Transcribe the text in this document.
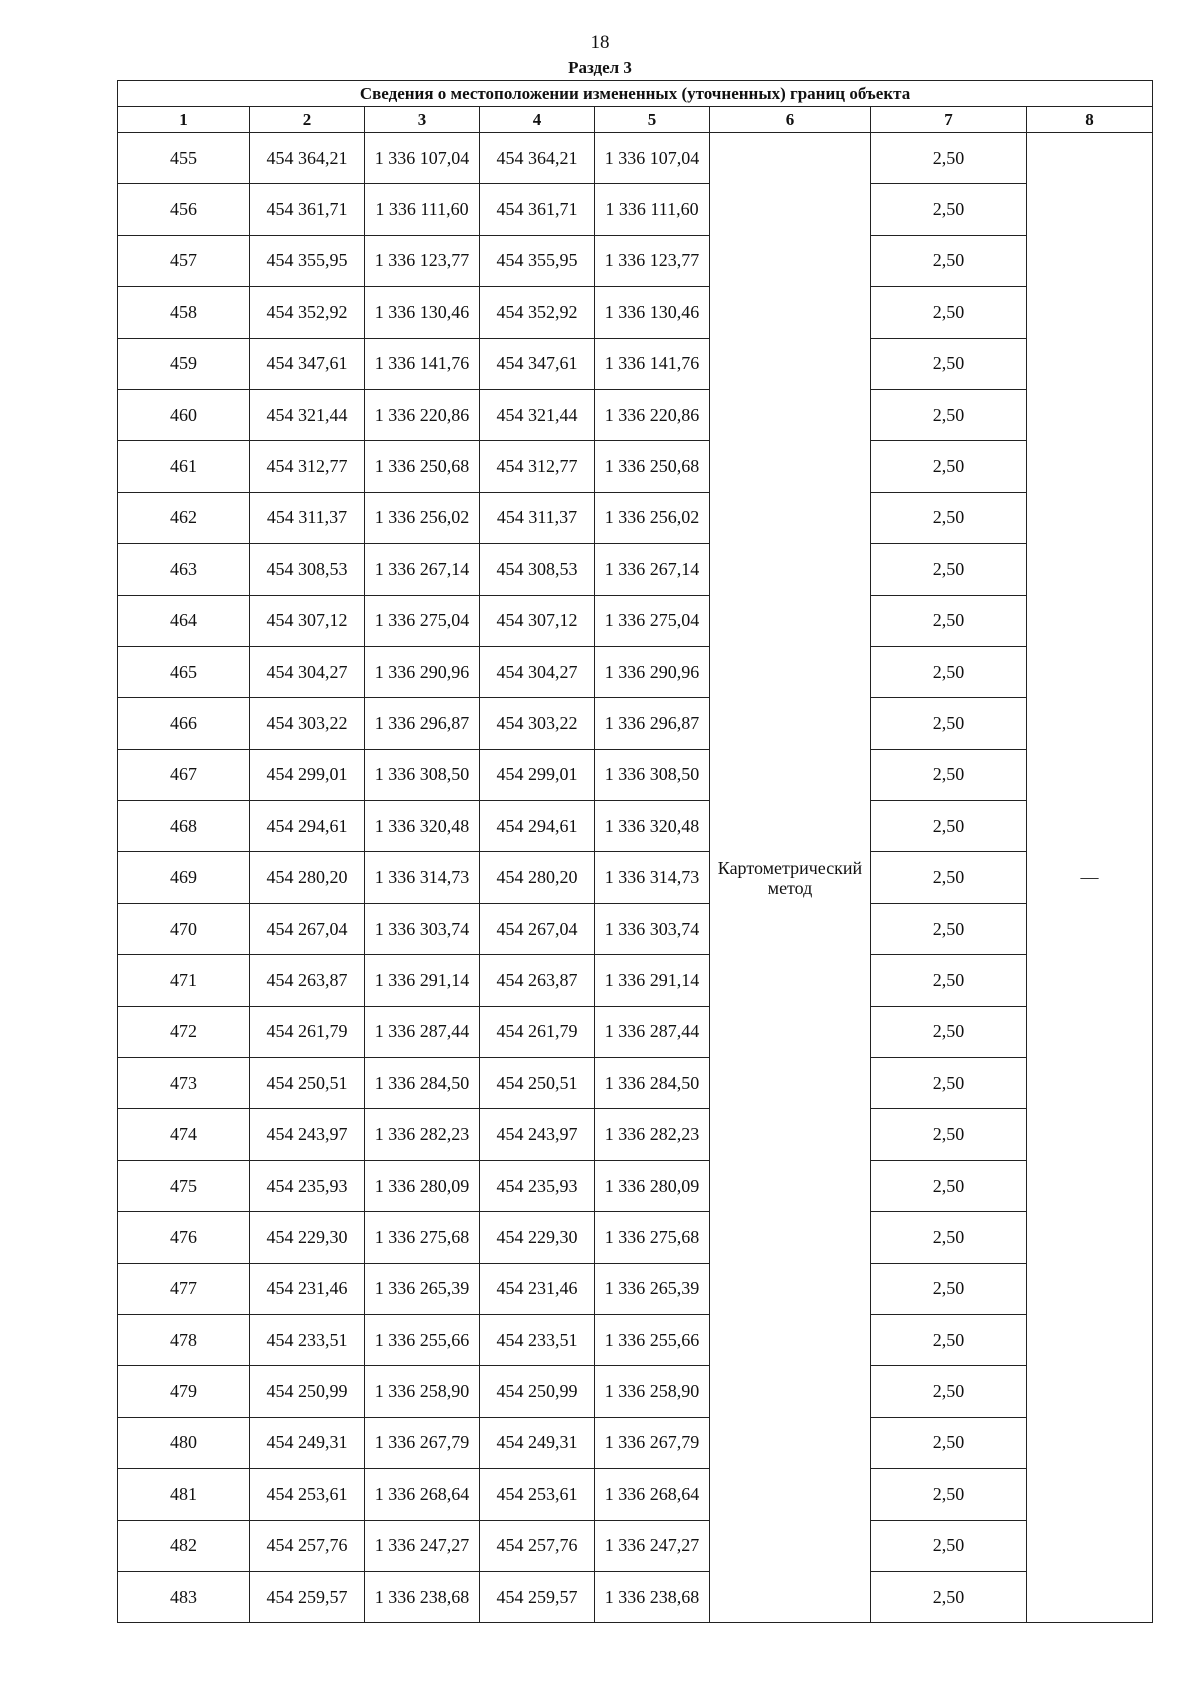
18
Раздел 3
Сведения о местоположении измененных (уточненных) границ объекта							
1	2	3	4	5	6	7	8
455	454 364,21	1 336 107,04	454 364,21	1 336 107,04	Картометрический метод	2,50	—
456	454 361,71	1 336 111,60	454 361,71	1 336 111,60		2,50	
457	454 355,95	1 336 123,77	454 355,95	1 336 123,77		2,50	
458	454 352,92	1 336 130,46	454 352,92	1 336 130,46		2,50	
459	454 347,61	1 336 141,76	454 347,61	1 336 141,76		2,50	
460	454 321,44	1 336 220,86	454 321,44	1 336 220,86		2,50	
461	454 312,77	1 336 250,68	454 312,77	1 336 250,68		2,50	
462	454 311,37	1 336 256,02	454 311,37	1 336 256,02		2,50	
463	454 308,53	1 336 267,14	454 308,53	1 336 267,14		2,50	
464	454 307,12	1 336 275,04	454 307,12	1 336 275,04		2,50	
465	454 304,27	1 336 290,96	454 304,27	1 336 290,96		2,50	
466	454 303,22	1 336 296,87	454 303,22	1 336 296,87		2,50	
467	454 299,01	1 336 308,50	454 299,01	1 336 308,50		2,50	
468	454 294,61	1 336 320,48	454 294,61	1 336 320,48		2,50	
469	454 280,20	1 336 314,73	454 280,20	1 336 314,73		2,50	
470	454 267,04	1 336 303,74	454 267,04	1 336 303,74		2,50	
471	454 263,87	1 336 291,14	454 263,87	1 336 291,14		2,50	
472	454 261,79	1 336 287,44	454 261,79	1 336 287,44		2,50	
473	454 250,51	1 336 284,50	454 250,51	1 336 284,50		2,50	
474	454 243,97	1 336 282,23	454 243,97	1 336 282,23		2,50	
475	454 235,93	1 336 280,09	454 235,93	1 336 280,09		2,50	
476	454 229,30	1 336 275,68	454 229,30	1 336 275,68		2,50	
477	454 231,46	1 336 265,39	454 231,46	1 336 265,39		2,50	
478	454 233,51	1 336 255,66	454 233,51	1 336 255,66		2,50	
479	454 250,99	1 336 258,90	454 250,99	1 336 258,90		2,50	
480	454 249,31	1 336 267,79	454 249,31	1 336 267,79		2,50	
481	454 253,61	1 336 268,64	454 253,61	1 336 268,64		2,50	
482	454 257,76	1 336 247,27	454 257,76	1 336 247,27		2,50	
483	454 259,57	1 336 238,68	454 259,57	1 336 238,68		2,50	
